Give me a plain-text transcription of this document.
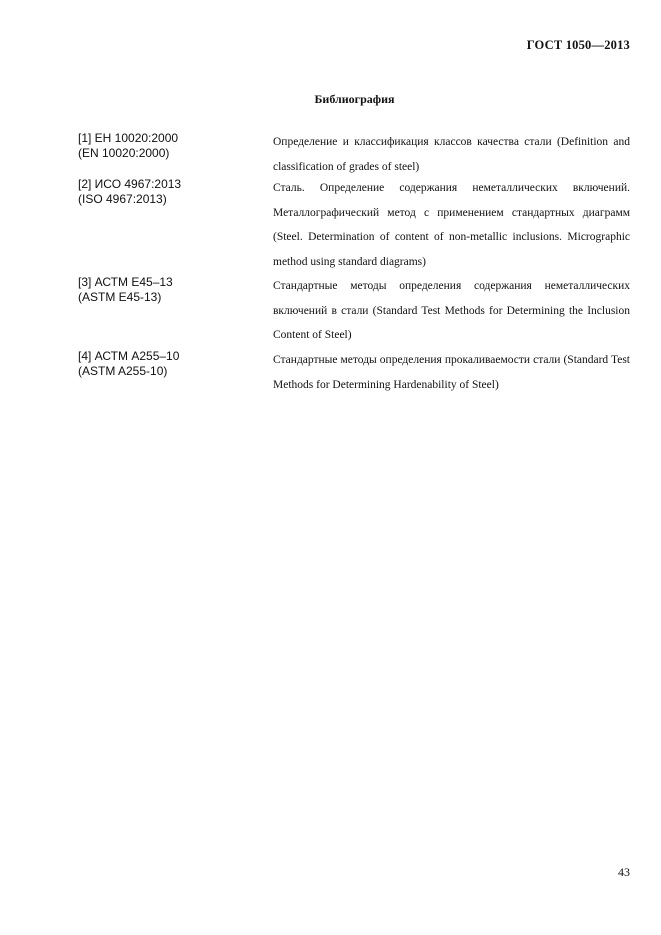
ГОСТ 1050—2013
Библиография
[1] ЕН 10020:2000
(EN 10020:2000)
Определение и классификация классов качества стали (Definition and classification of grades of steel)
[2] ИСО 4967:2013
(ISO 4967:2013)
Сталь. Определение содержания неметаллических включений. Металлографический метод с применением стандартных диаграмм (Steel. Determination of content of non-metallic inclusions. Micrographic method using standard diagrams)
[3] АСТМ Е45–13
(ASTM E45-13)
Стандартные методы определения содержания неметаллических включений в стали (Standard Test Methods for Determining the Inclusion Content of Steel)
[4] АСТМ А255–10
(ASTM A255-10)
Стандартные методы определения прокаливаемости стали (Standard Test Methods for Determining Hardenability of Steel)
43
